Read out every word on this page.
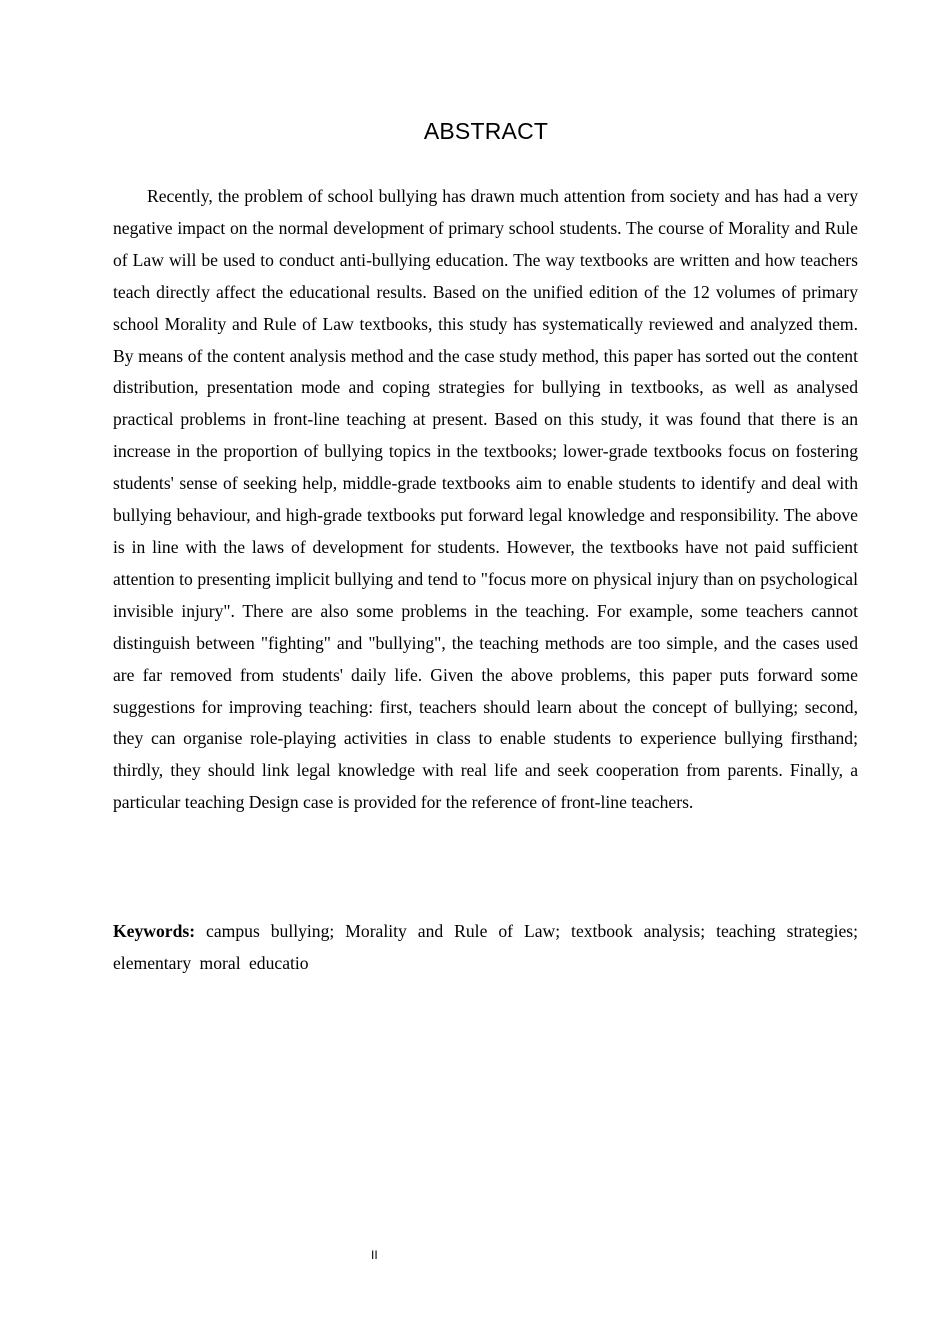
ABSTRACT

Recently, the problem of school bullying has drawn much attention from society and has had a very negative impact on the normal development of primary school students. The course of Morality and Rule of Law will be used to conduct anti-bullying education. The way textbooks are written and how teachers teach directly affect the educational results. Based on the unified edition of the 12 volumes of primary school Morality and Rule of Law textbooks, this study has systematically reviewed and analyzed them. By means of the content analysis method and the case study method, this paper has sorted out the content distribution, presentation mode and coping strategies for bullying in textbooks, as well as analysed practical problems in front-line teaching at present. Based on this study, it was found that there is an increase in the proportion of bullying topics in the textbooks; lower-grade textbooks focus on fostering students' sense of seeking help, middle-grade textbooks aim to enable students to identify and deal with bullying behaviour, and high-grade textbooks put forward legal knowledge and responsibility. The above is in line with the laws of development for students. However, the textbooks have not paid sufficient attention to presenting implicit bullying and tend to "focus more on physical injury than on psychological invisible injury". There are also some problems in the teaching. For example, some teachers cannot distinguish between "fighting" and "bullying", the teaching methods are too simple, and the cases used are far removed from students' daily life. Given the above problems, this paper puts forward some suggestions for improving teaching: first, teachers should learn about the concept of bullying; second, they can organise role-playing activities in class to enable students to experience bullying firsthand; thirdly, they should link legal knowledge with real life and seek cooperation from parents. Finally, a particular teaching Design case is provided for the reference of front-line teachers.

Keywords: campus bullying; Morality and Rule of Law; textbook analysis; teaching strategies; elementary moral educatio

II
